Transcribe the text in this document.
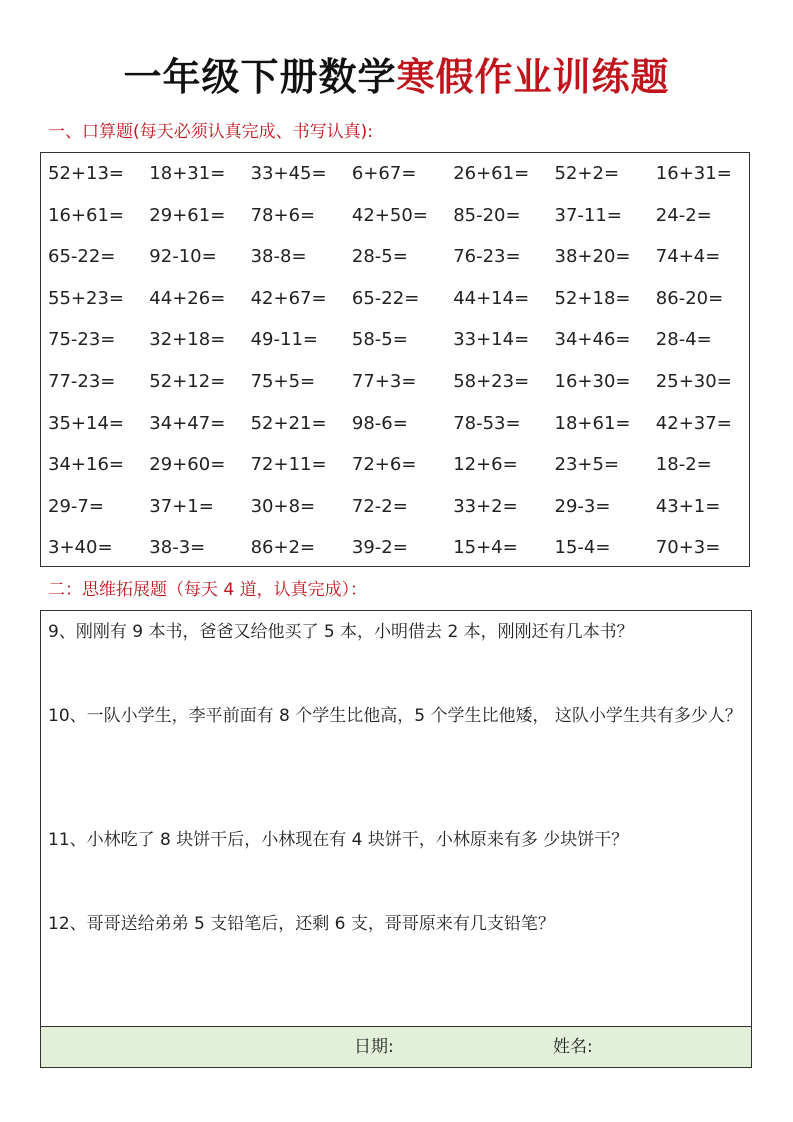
一年级下册数学寒假作业训练题
一、口算题(每天必须认真完成、书写认真):
52+13= 18+31= 33+45= 6+67= 26+61= 52+2= 16+31=
16+61= 29+61= 78+6= 42+50= 85-20= 37-11= 24-2=
65-22= 92-10= 38-8=	28-5=	76-23= 38+20= 74+4=
55+23= 44+26= 42+67= 65-22= 44+14= 52+18= 86-20=
75-23= 32+18= 49-11= 58-5=	33+14= 34+46= 28-4=
77-23= 52+12= 75+5= 77+3= 58+23= 16+30= 25+30=
35+14= 34+47= 52+21= 98-6=	78-53= 18+61= 42+37=
34+16= 29+60= 72+11= 72+6= 12+6= 23+5= 18-2=
29-7=	37+1= 30+8= 72-2=	33+2= 29-3=	43+1=
3+40= 38-3=	86+2= 39-2=	15+4= 15-4=	70+3=
二：思维拓展题（每天 4 道，认真完成）：
9、刚刚有 9 本书，爸爸又给他买了 5 本，小明借去 2 本，刚刚还有几本书？
10、一队小学生，李平前面有 8 个学生比他高，5 个学生比他矮， 这队小学生共有多少人？
11、小林吃了 8 块饼干后，小林现在有 4 块饼干，小林原来有多 少块饼干？
12、哥哥送给弟弟 5 支铅笔后，还剩 6 支，哥哥原来有几支铅笔？
日期:	姓名:
